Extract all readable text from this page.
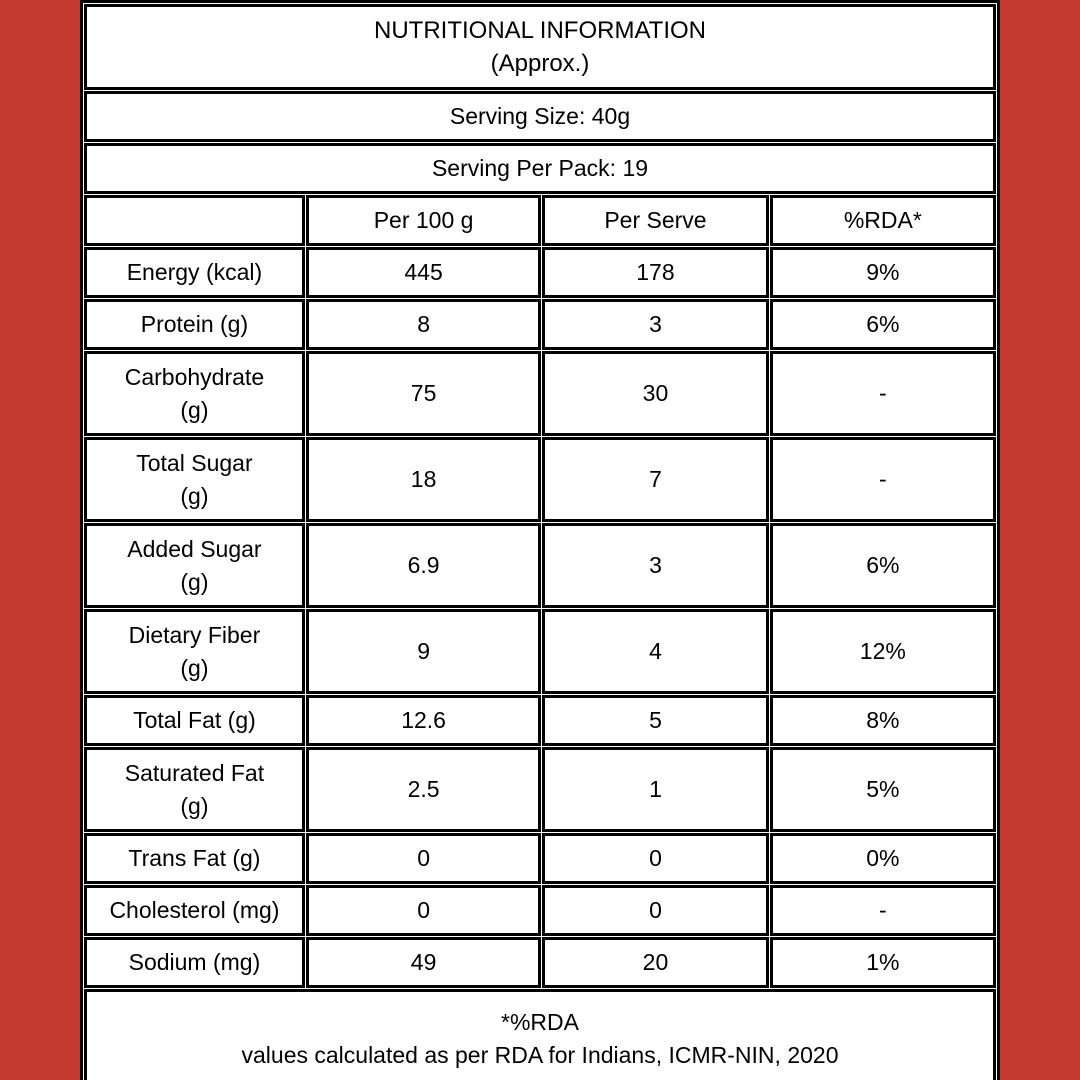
NUTRITIONAL INFORMATION
(Approx.)			

Serving Size: 40g			
Serving Per Pack: 19			
	Per 100 g	Per Serve	%RDA*

Energy (kcal)	445	178	9%

Protein (g)	8	3	6%

Carbohydrate
(g)	75	30	-

Total Sugar
(g)	18	7	-

Added Sugar
(g)	6.9	3	6%

Dietary Fiber
(g)	9	4	12%

Total Fat (g)	12.6	5	8%

Saturated Fat
(g)	2.5	1	5%

Trans Fat (g)	0	0	0%

Cholesterol (mg)	0	0	-

Sodium (mg)	49	20	1%

*%RDA
values calculated as per RDA for Indians, ICMR-NIN, 2020			
